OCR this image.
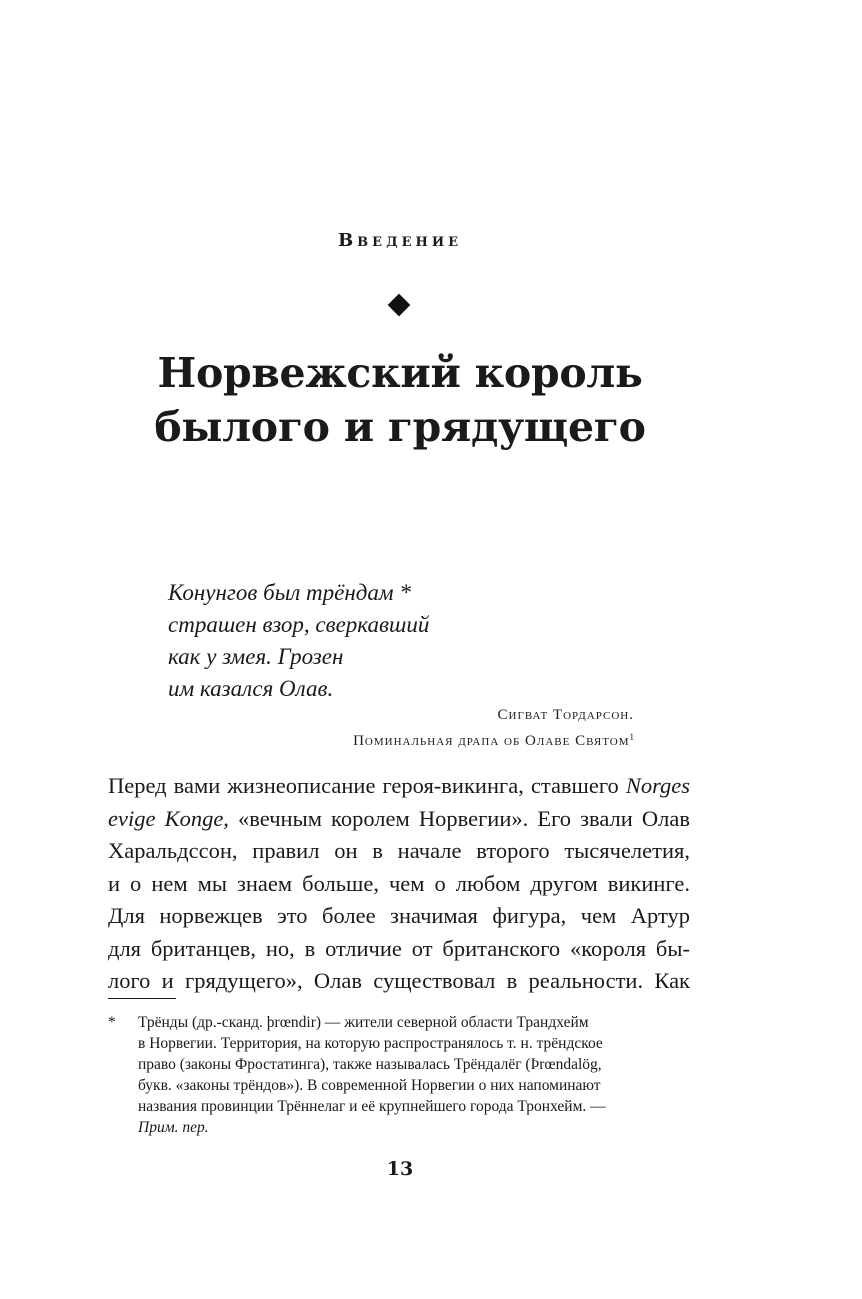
Введение
Норвежский король
былого и грядущего
Конунгов был трёндам *
страшен взор, сверкавший
как у змея. Грозен
им казался Олав.
Сигват Тордарсон.
Поминальная драпа об Олаве Святом$^1$
Перед вами жизнеописание героя-викинга, ставшего Norges
evige Konge, «вечным королем Норвегии». Его звали Олав
Харальдссон, правил он в начале второго тысячелетия,
и о нем мы знаем больше, чем о любом другом викинге.
Для норвежцев это более значимая фигура, чем Артур
для британцев, но, в отличие от британского «короля бы-
лого и грядущего», Олав существовал в реальности. Как
* Трёнды (др.-сканд. þrœndir) — жители северной области Трандхейм
в Норвегии. Территория, на которую распространялось т. н. трёндское
право (законы Фростатинга), также называлась Трёндалёг (Þrœndalög,
букв. «законы трёндов»). В современной Норвегии о них напоминают
названия провинции Трённелаг и её крупнейшего города Тронхейм. —
Прим. пер.
13
